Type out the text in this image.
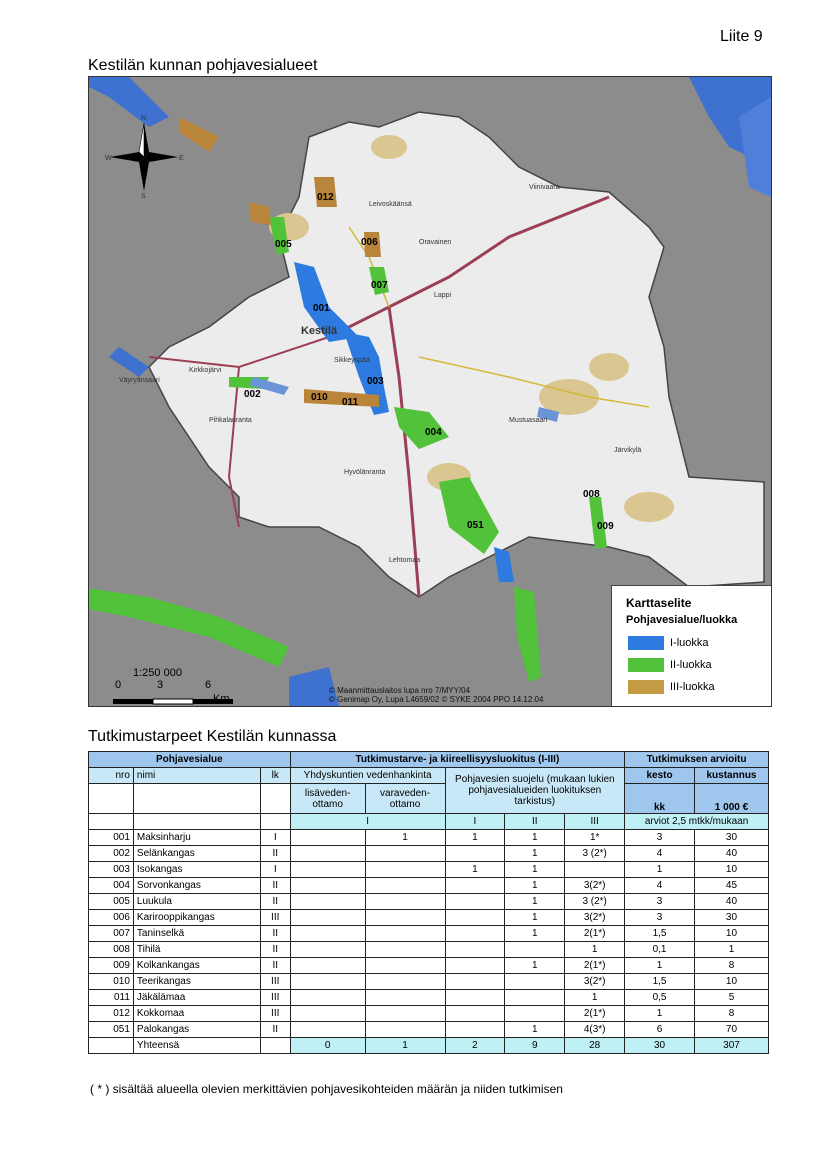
Liite 9
Kestilän kunnan pohjavesialueet
N
E
S
W
Leivoskäänsä
Kestilä
Kirkkojärvi
Väyryänsaari
Pihkalanranta
Sikkeyspää
Viinivaara
Oravainen
Lappi
Mustuasaari
Hyvölänranta
Järvikylä
Lehtomaa
012
005	006
007
001
003
002	010 011
004
008
009
051
1:250 000
0	3	6
Km
© Maanmittauslaitos lupa nro 7/MYY/04
© Genimap Oy, Lupa L4659/02 © SYKE 2004 PPO 14.12.04
Karttaselite
Pohjavesialue/luokka
I-luokka
II-luokka
III-luokka
Tutkimustarpeet Kestilän kunnassa
Pohjavesialue			Tutkimustarve- ja kiireellisyysluokitus (I-III)					Tutkimuksen arvioitu	
nro	nimi	lk	Yhdyskuntien vedenhankinta		Pohjavesien suojelu (mukaan lukien pohjavesialueiden luokituksen tarkistus)			kesto	kustannus
			lisäveden-ottamo	varaveden-ottamo				kk	1 000 €
			I		I	II	III	arviot 2,5 mtkk/mukaan	
001	Maksinharju	I		1	1	1	1*	3	30
002	Selänkangas	II				1	3 (2*)	4	40
003	Isokangas	I			1	1		1	10
004	Sorvonkangas	II				1	3(2*)	4	45
005	Luukula	II				1	3 (2*)	3	40
006	Karirooppikangas	III				1	3(2*)	3	30
007	Taninselkä	II				1	2(1*)	1,5	10
008	Tihilä	II					1	0,1	1
009	Kolkankangas	II				1	2(1*)	1	8
010	Teerikangas	III					3(2*)	1,5	10
011	Jäkälämaa	III					1	0,5	5
012	Kokkomaa	III					2(1*)	1	8
051	Palokangas	II				1	4(3*)	6	70
	Yhteensä		0	1	2	9	28	30	307
( * ) sisältää alueella olevien merkittävien pohjavesikohteiden määrän ja niiden tutkimisen
